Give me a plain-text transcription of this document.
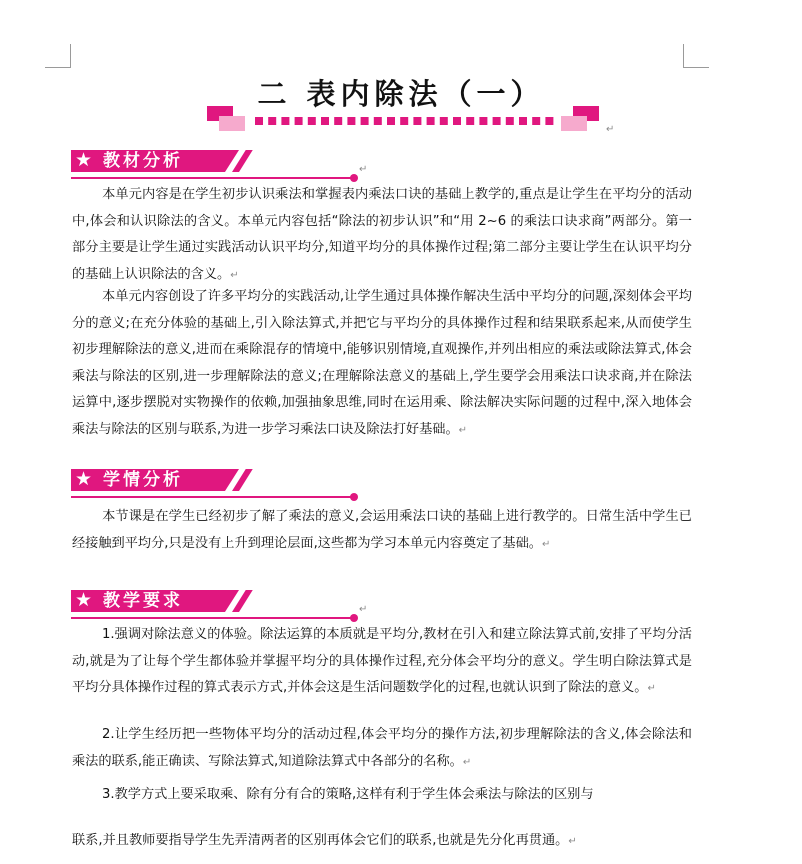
二 表内除法（一）
↵
★ 教材分析	↵

本单元内容是在学生初步认识乘法和掌握表内乘法口诀的基础上教学的,重点是让学生在平均分的活动中,体会和认识除法的含义。本单元内容包括“除法的初步认识”和“用 2~6 的乘法口诀求商”两部分。第一部分主要是让学生通过实践活动认识平均分,知道平均分的具体操作过程;第二部分主要让学生在认识平均分的基础上认识除法的含义。↵

本单元内容创设了许多平均分的实践活动,让学生通过具体操作解决生活中平均分的问题,深刻体会平均分的意义;在充分体验的基础上,引入除法算式,并把它与平均分的具体操作过程和结果联系起来,从而使学生初步理解除法的意义,进而在乘除混存的情境中,能够识别情境,直观操作,并列出相应的乘法或除法算式,体会乘法与除法的区别,进一步理解除法的意义;在理解除法意义的基础上,学生要学会用乘法口诀求商,并在除法运算中,逐步摆脱对实物操作的依赖,加强抽象思维,同时在运用乘、除法解决实际问题的过程中,深入地体会乘法与除法的区别与联系,为进一步学习乘法口诀及除法打好基础。↵

★ 学情分析

本节课是在学生已经初步了解了乘法的意义,会运用乘法口诀的基础上进行教学的。日常生活中学生已经接触到平均分,只是没有上升到理论层面,这些都为学习本单元内容奠定了基础。↵

★ 教学要求	↵

1.强调对除法意义的体验。除法运算的本质就是平均分,教材在引入和建立除法算式前,安排了平均分活动,就是为了让每个学生都体验并掌握平均分的具体操作过程,充分体会平均分的意义。学生明白除法算式是平均分具体操作过程的算式表示方式,并体会这是生活问题数学化的过程,也就认识到了除法的意义。↵

2.让学生经历把一些物体平均分的活动过程,体会平均分的操作方法,初步理解除法的含义,体会除法和乘法的联系,能正确读、写除法算式,知道除法算式中各部分的名称。↵

3.教学方式上要采取乘、除有分有合的策略,这样有利于学生体会乘法与除法的区别与

联系,并且教师要指导学生先弄清两者的区别再体会它们的联系,也就是先分化再贯通。↵
